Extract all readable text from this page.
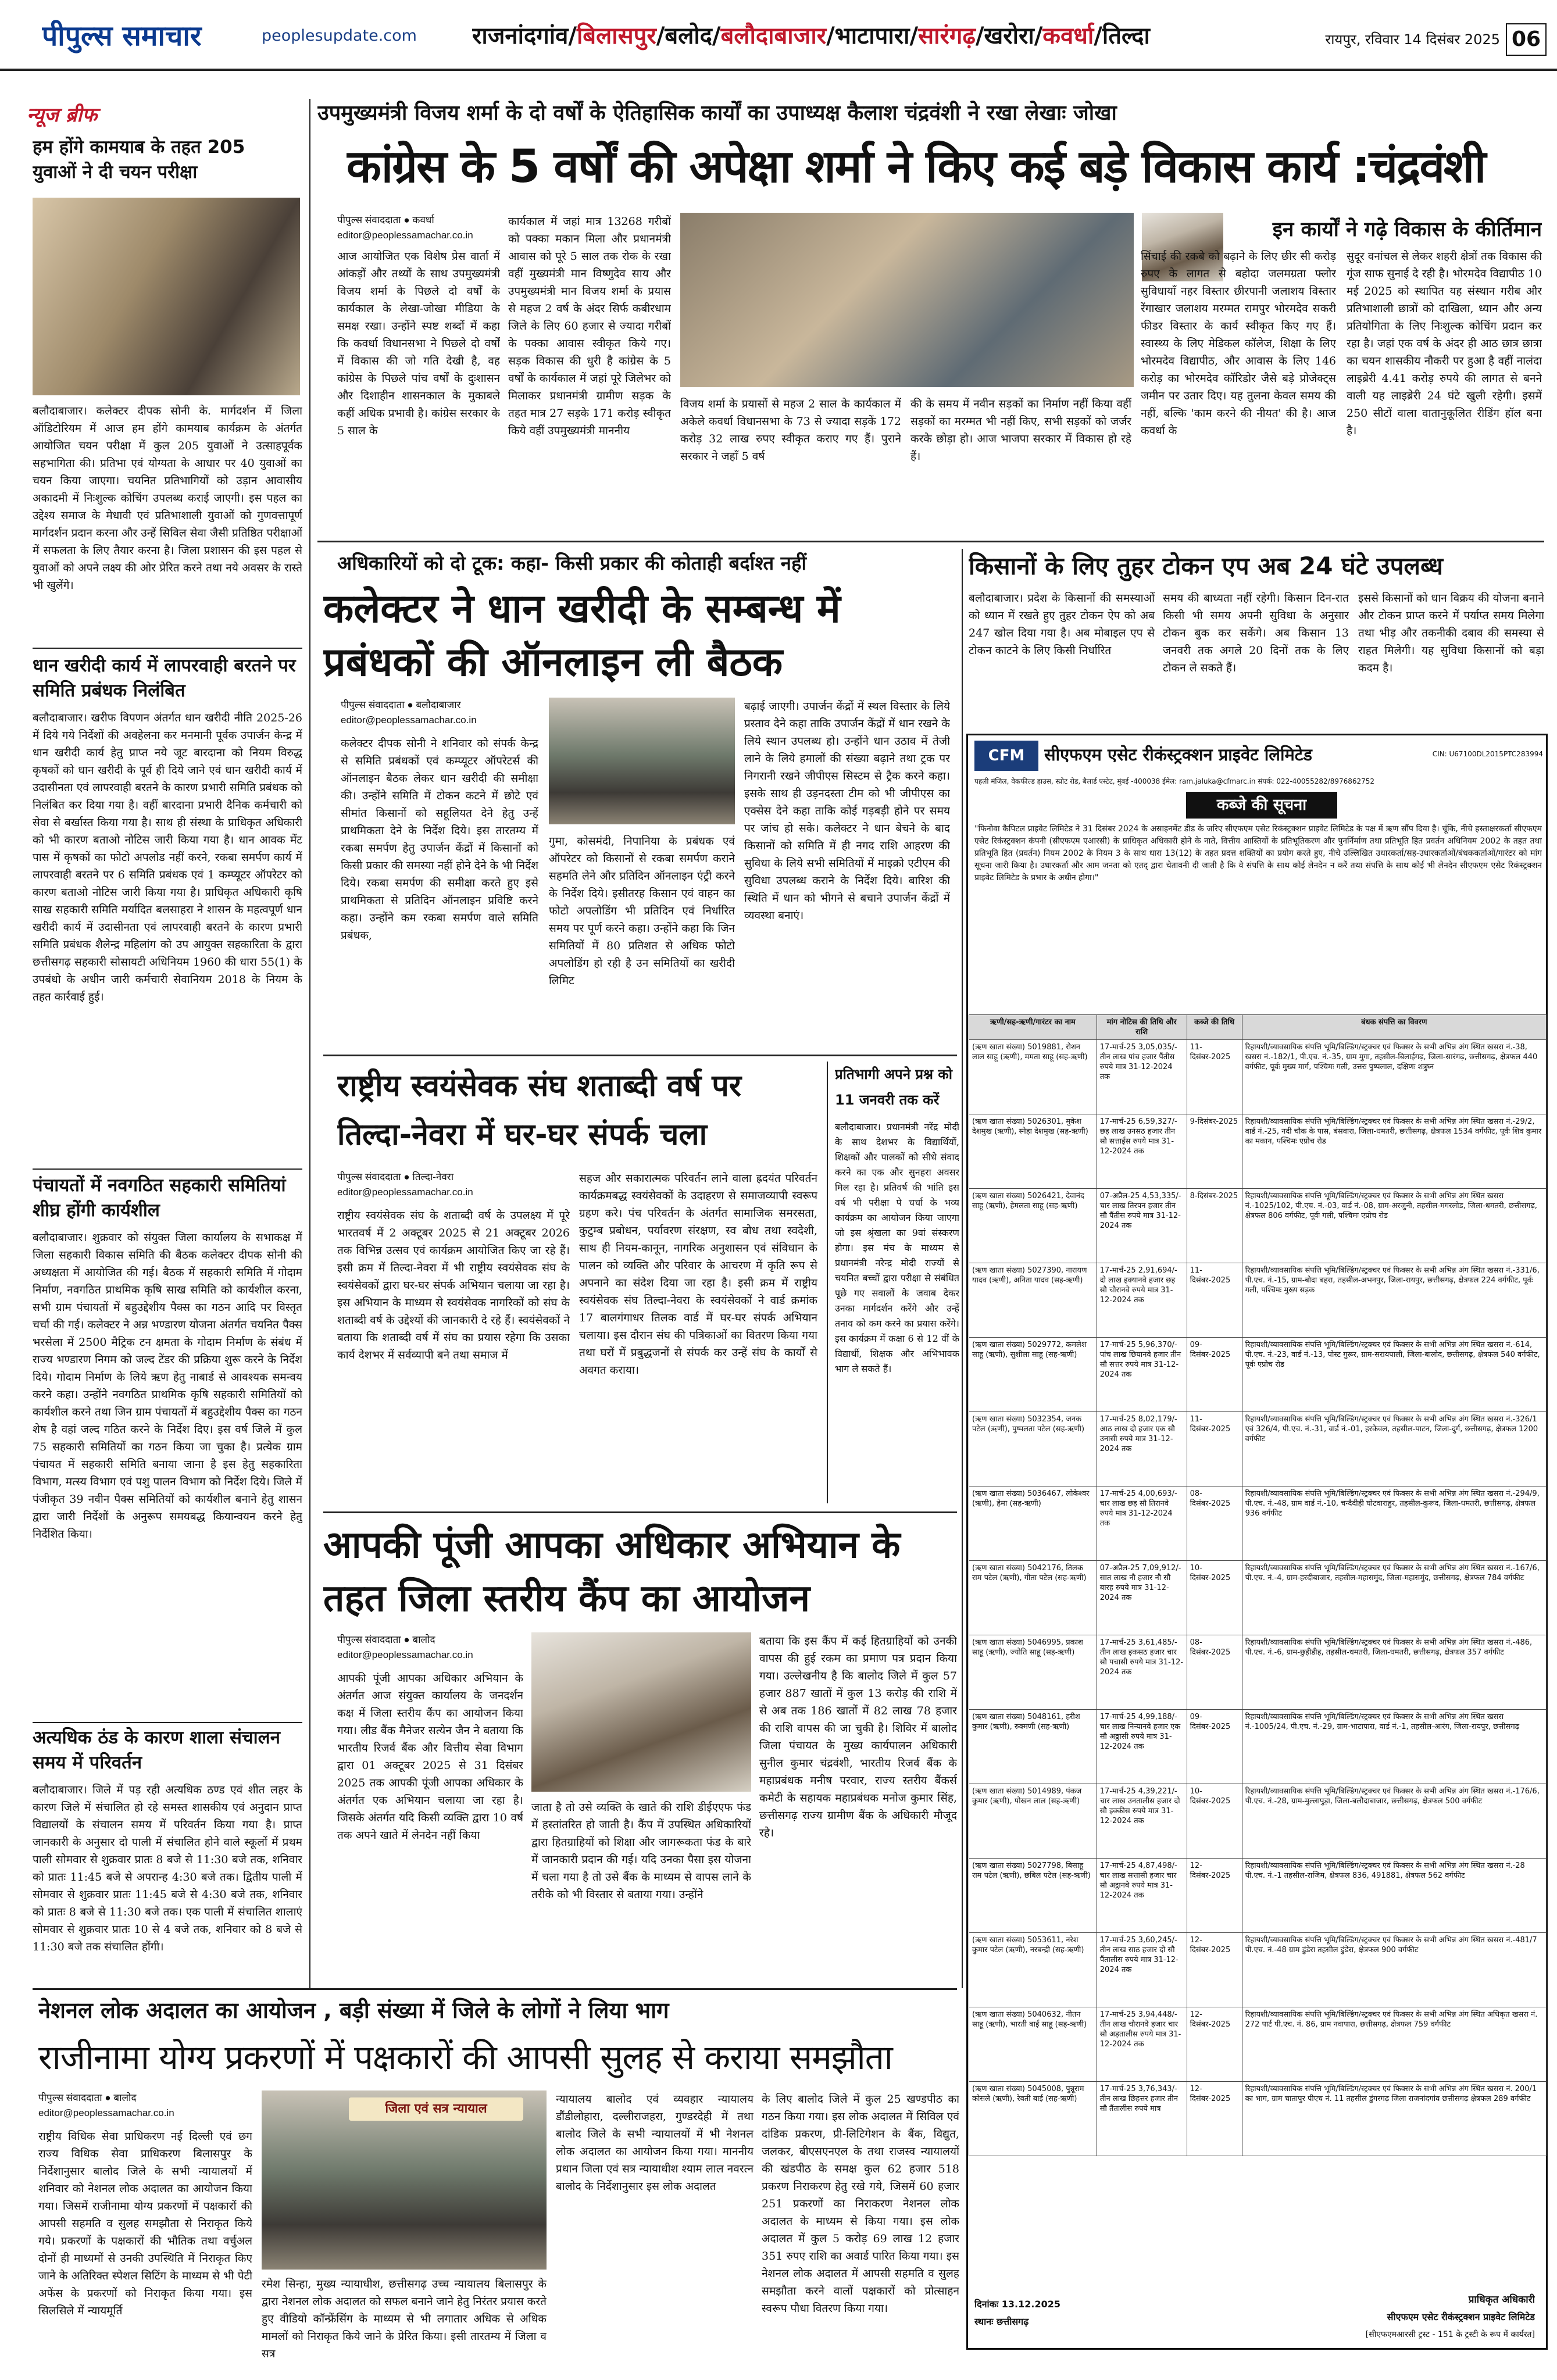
पीपुल्स समाचार	peoplesupdate.com	राजनांदगांव/बिलासपुर/बलोद/बलौदाबाजार/भाटापारा/सारंगढ़/खरोरा/कवर्धा/तिल्दा	रायपुर, रविवार 14 दिसंबर 2025 06
न्यूज ब्रीफ
हम होंगे कामयाब के तहत 205 युवाओं ने दी चयन परीक्षा
बलौदाबाजार। कलेक्टर दीपक सोनी के. मार्गदर्शन में जिला ऑडिटोरियम में आज हम होंगे कामयाब कार्यक्रम के अंतर्गत आयोजित चयन परीक्षा में कुल 205 युवाओं ने उत्साहपूर्वक सहभागिता की। प्रतिभा एवं योग्यता के आधार पर 40 युवाओं का चयन किया जाएगा। चयनित प्रतिभागियों को उड़ान आवासीय अकादमी में निःशुल्क कोचिंग उपलब्ध कराई जाएगी। इस पहल का उद्देश्य समाज के मेधावी एवं प्रतिभाशाली युवाओं को गुणवत्तापूर्ण मार्गदर्शन प्रदान करना और उन्हें सिविल सेवा जैसी प्रतिष्ठित परीक्षाओं में सफलता के लिए तैयार करना है। जिला प्रशासन की इस पहल से युवाओं को अपने लक्ष्य की ओर प्रेरित करने तथा नये अवसर के रास्ते भी खुलेंगे।
धान खरीदी कार्य में लापरवाही बरतने पर समिति प्रबंधक निलंबित
बलौदाबाजार। खरीफ विपणन अंतर्गत धान खरीदी नीति 2025-26 में दिये गये निर्देशों की अवहेलना कर मनमानी पूर्वक उपार्जन केन्द्र में धान खरीदी कार्य हेतु प्राप्त नये जूट बारदाना को नियम विरुद्ध कृषकों को धान खरीदी के पूर्व ही दिये जाने एवं धान खरीदी कार्य में उदासीनता एवं लापरवाही बरतने के कारण प्रभारी समिति प्रबंधक को निलंबित कर दिया गया है। वहीं बारदाना प्रभारी दैनिक कर्मचारी को सेवा से बर्खास्त किया गया है। साथ ही संस्था के प्राधिकृत अधिकारी को भी कारण बताओ नोटिस जारी किया गया है। धान आवक मेंट पास में कृषकों का फोटो अपलोड नहीं करने, रकबा समर्पण कार्य में लापरवाही बरतने पर 6 समिति प्रबंधक एवं 1 कम्प्यूटर ऑपरेटर को कारण बताओ नोटिस जारी किया गया है। प्राधिकृत अधिकारी कृषि साख सहकारी समिति मर्यादित बलसाहरा ने शासन के महत्वपूर्ण धान खरीदी कार्य में उदासीनता एवं लापरवाही बरतने के कारण प्रभारी समिति प्रबंधक शैलेन्द्र महिलांग को उप आयुक्त सहकारिता के द्वारा छत्तीसगढ़ सहकारी सोसायटी अधिनियम 1960 की धारा 55(1) के उपबंधो के अधीन जारी कर्मचारी सेवानियम 2018 के नियम के तहत कार्रवाई हुई।
पंचायतों में नवगठित सहकारी समितियां शीघ्र होंगी कार्यशील
बलौदाबाजार। शुक्रवार को संयुक्त जिला कार्यालय के सभाकक्ष में जिला सहकारी विकास समिति की बैठक कलेक्टर दीपक सोनी की अध्यक्षता में आयोजित की गई। बैठक में सहकारी समिति में गोदाम निर्माण, नवगठित प्राथमिक कृषि साख समिति को कार्यशील करना, सभी ग्राम पंचायतों में बहुउद्देशीय पैक्स का गठन आदि पर विस्तृत चर्चा की गई। कलेक्टर ने अन्न भण्डारण योजना अंतर्गत चयनित पैक्स भरसेला में 2500 मैट्रिक टन क्षमता के गोदाम निर्माण के संबंध में राज्य भण्डारण निगम को जल्द टेंडर की प्रक्रिया शुरू करने के निर्देश दिये। गोदाम निर्माण के लिये ऋण हेतु नाबार्ड से आवश्यक समन्वय करने कहा। उन्होंने नवगठित प्राथमिक कृषि सहकारी समितियों को कार्यशील करने तथा जिन ग्राम पंचायतों में बहुउद्देशीय पैक्स का गठन शेष है वहां जल्द गठित करने के निर्देश दिए। इस वर्ष जिले में कुल 75 सहकारी समितियों का गठन किया जा चुका है। प्रत्येक ग्राम पंचायत में सहकारी समिति बनाया जाना है इस हेतु सहकारिता विभाग, मत्स्य विभाग एवं पशु पालन विभाग को निर्देश दिये। जिले में पंजीकृत 39 नवीन पैक्स समितियों को कार्यशील बनाने हेतु शासन द्वारा जारी निर्देशों के अनुरूप समयबद्ध कियान्वयन करने हेतु निर्देशित किया।
अत्यधिक ठंड के कारण शाला संचालन समय में परिवर्तन
बलौदाबाजार। जिले में पड़ रही अत्यधिक ठण्ड एवं शीत लहर के कारण जिले में संचालित हो रहे समस्त शासकीय एवं अनुदान प्राप्त विद्यालयों के संचालन समय में परिवर्तन किया गया है। प्राप्त जानकारी के अनुसार दो पाली में संचालित होने वाले स्कूलों में प्रथम पाली सोमवार से शुक्रवार प्रातः 8 बजे से 11:30 बजे तक, शनिवार को प्रातः 11:45 बजे से अपरान्ह 4:30 बजे तक। द्वितीय पाली में सोमवार से शुक्रवार प्रातः 11:45 बजे से 4:30 बजे तक, शनिवार को प्रातः 8 बजे से 11:30 बजे तक। एक पाली में संचालित शालाएं सोमवार से शुक्रवार प्रातः 10 से 4 बजे तक, शनिवार को 8 बजे से 11:30 बजे तक संचालित होंगी।
उपमुख्यमंत्री विजय शर्मा के दो वर्षों के ऐतिहासिक कार्यों का उपाध्यक्ष कैलाश चंद्रवंशी ने रखा लेखाः जोखा
कांग्रेस के 5 वर्षों की अपेक्षा शर्मा ने किए कई बड़े विकास कार्य :चंद्रवंशी
पीपुल्स संवाददाता ● कवर्धा
editor@peoplessamachar.co.in
आज आयोजित एक विशेष प्रेस वार्ता में आंकड़ों और तथ्यों के साथ उपमुख्यमंत्री विजय शर्मा के पिछले दो वर्षों के कार्यकाल के लेखा-जोखा मीडिया के समक्ष रखा। उन्होंने स्पष्ट शब्दों में कहा कि कवर्धा विधानसभा ने पिछले दो वर्षों में विकास की जो गति देखी है, वह कांग्रेस के पिछले पांच वर्षों के दुःशासन और दिशाहीन शासनकाल के मुकाबले कहीं अधिक प्रभावी है। कांग्रेस सरकार के 5 साल के
कार्यकाल में जहां मात्र 13268 गरीबों को पक्का मकान मिला और प्रधानमंत्री आवास को पूरे 5 साल तक रोक के रखा वहीं मुख्यमंत्री मान विष्णुदेव साय और उपमुख्यमंत्री मान विजय शर्मा के प्रयास से महज 2 वर्ष के अंदर सिर्फ कबीरधाम जिले के लिए 60 हजार से ज्यादा गरीबों के पक्का आवास स्वीकृत किये गए। सड़क विकास की धुरी है कांग्रेस के 5 वर्षों के कार्यकाल में जहां पूरे जिलेभर को मिलाकर प्रधानमंत्री ग्रामीण सड़क के तहत मात्र 27 सड़के 171 करोड़ स्वीकृत किये वहीं उपमुख्यमंत्री माननीय
विजय शर्मा के प्रयासों से महज 2 साल के कार्यकाल में अकेले कवर्धा विधानसभा के 73 से ज्यादा सड़कें 172 करोड़ 32 लाख रुपए स्वीकृत कराए गए हैं। पुराने सरकार ने जहाँ 5 वर्ष
की के समय में नवीन सड़कों का निर्माण नहीं किया वहीं सड़कों का मरम्मत भी नहीं किए, सभी सड़कों को जर्जर करके छोड़ा हो। आज भाजपा सरकार में विकास हो रहे हैं।
इन कार्यों ने गढ़े विकास के कीर्तिमान
सिंचाई की रकबे को बढ़ाने के लिए छीर सी करोड़ रुपए के लागत से बहोदा जलमग्रता फ्लोर सुविधायाँ नहर विस्तार छीरपानी जलाशय विस्तार रेंगाखार जलाशय मरम्मत रामपुर भोरमदेव सकरी फीडर विस्तार के कार्य स्वीकृत किए गए हैं। स्वास्थ्य के लिए मेडिकल कॉलेज, शिक्षा के लिए भोरमदेव विद्यापीठ, और आवास के लिए 146 करोड़ का भोरमदेव कॉरिडोर जैसे बड़े प्रोजेक्ट्स जमीन पर उतार दिए। यह तुलना केवल समय की नहीं, बल्कि 'काम करने की नीयत' की है। आज कवर्धा के
सुदूर वनांचल से लेकर शहरी क्षेत्रों तक विकास की गूंज साफ सुनाई दे रही है। भोरमदेव विद्यापीठ 10 मई 2025 को स्थापित यह संस्थान गरीब और प्रतिभाशाली छात्रों को दाखिला, ध्यान और अन्य प्रतियोगिता के लिए निःशुल्क कोचिंग प्रदान कर रहा है। जहां एक वर्ष के अंदर ही आठ छात्र छात्रा का चयन शासकीय नौकरी पर हुआ है वहीं नालंदा लाइब्रेरी 4.41 करोड़ रुपये की लागत से बनने वाली यह लाइब्रेरी 24 घंटे खुली रहेगी। इसमें 250 सीटों वाला वातानुकूलित रीडिंग हॉल बना है।
अधिकारियों को दो टूक: कहा- किसी प्रकार की कोताही बर्दाश्त नहीं
कलेक्टर ने धान खरीदी के सम्बन्ध में प्रबंधकों की ऑनलाइन ली बैठक
पीपुल्स संवाददाता ● बलौदाबाजार
editor@peoplessamachar.co.in
कलेक्टर दीपक सोनी ने शनिवार को संपर्क केन्द्र से समिति प्रबंधकों एवं कम्प्यूटर ऑपरेटर्स की ऑनलाइन बैठक लेकर धान खरीदी की समीक्षा की। उन्होंने समिति में टोकन कटने में छोटे एवं सीमांत किसानों को सहूलियत देने हेतु उन्हें प्राथमिकता देने के निर्देश दिये। इस तारतम्य में रकबा समर्पण हेतु उपार्जन केंद्रों में किसानों को किसी प्रकार की समस्या नहीं होने देने के भी निर्देश दिये। रकबा समर्पण की समीक्षा करते हुए इसे प्राथमिकता से प्रतिदिन ऑनलाइन प्रविष्टि करने कहा। उन्होंने कम रकबा समर्पण वाले समिति प्रबंधक,
गुमा, कोसमंदी, निपानिया के प्रबंधक एवं ऑपरेटर को किसानों से रकबा समर्पण कराने सहमति लेने और प्रतिदिन ऑनलाइन एंट्री करने के निर्देश दिये। इसीतरह किसान एवं वाहन का फोटो अपलोडिंग भी प्रतिदिन एवं निर्धारित समय पर पूर्ण करने कहा। उन्होंने कहा कि जिन समितियों में 80 प्रतिशत से अधिक फोटो अपलोडिंग हो रही है उन समितियों का खरीदी लिमिट
बढ़ाई जाएगी। उपार्जन केंद्रों में स्थल विस्तार के लिये प्रस्ताव देने कहा ताकि उपार्जन केंद्रों में धान रखने के लिये स्थान उपलब्ध हो। उन्होंने धान उठाव में तेजी लाने के लिये हमालों की संख्या बढ़ाने तथा ट्रक पर निगरानी रखने जीपीएस सिस्टम से ट्रैक करने कहा। इसके साथ ही उड़नदस्ता टीम को भी जीपीएस का एक्सेस देने कहा ताकि कोई गड़बड़ी होने पर समय पर जांच हो सके। कलेक्टर ने धान बेचने के बाद किसानों को समिति में ही नगद राशि आहरण की सुविधा के लिये सभी समितियों में माइक्रो एटीएम की सुविधा उपलब्ध कराने के निर्देश दिये। बारिश की स्थिति में धान को भीगने से बचाने उपार्जन केंद्रों में व्यवस्था बनाएं।
किसानों के लिए तुहर टोकन एप अब 24 घंटे उपलब्ध
बलौदाबाजार। प्रदेश के किसानों की समस्याओं को ध्यान में रखते हुए तुहर टोकन ऐप को अब 247 खोल दिया गया है। अब मोबाइल एप से टोकन काटने के लिए किसी निर्धारित
समय की बाध्यता नहीं रहेगी। किसान दिन-रात किसी भी समय अपनी सुविधा के अनुसार टोकन बुक कर सकेंगे। अब किसान 13 जनवरी तक अगले 20 दिनों तक के लिए टोकन ले सकते हैं।
इससे किसानों को धान विक्रय की योजना बनाने और टोकन प्राप्त करने में पर्याप्त समय मिलेगा तथा भीड़ और तकनीकी दबाव की समस्या से राहत मिलेगी। यह सुविधा किसानों को बड़ा कदम है।
CFM	सीएफएम एसेट रीकंस्ट्रक्शन प्राइवेट लिमिटेड	CIN: U67100DL2015PTC283994
पहली मंजिल, वेकफील्ड हाउस, स्प्रोट रोड, बैलार्ड एस्टेट, मुंबई -400038 ईमेल: ram.jaluka@cfmarc.in संपर्क: 022-40055282/8976862752
कब्जे की सूचना
"फिनोवा कैपिटल प्राइवेट लिमिटेड ने 31 दिसंबर 2024 के असाइनमेंट डीड के जरिए सीएफएम एसेट रिकंस्ट्रक्शन प्राइवेट लिमिटेड के पक्ष में ऋण सौंप दिया है। चूंकि, नीचे हस्ताक्षरकर्ता सीएफएम एसेट रिकंस्ट्रक्शन कंपनी (सीएफएम एआरसी) के प्राधिकृत अधिकारी होने के नाते, वित्तीय आस्तियों के प्रतिभूतिकरण और पुनर्निर्माण तथा प्रतिभूति हित प्रवर्तन अधिनियम 2002 के तहत तथा प्रतिभूति हित (प्रवर्तन) नियम 2002 के नियम 3 के साथ धारा 13(12) के तहत प्रदत्त शक्तियों का प्रयोग करते हुए, नीचे उल्लिखित उधारकर्ता/सह-उधारकर्ताओं/बंधककर्ताओं/गारंटर को मांग सूचना जारी किया है। उधारकर्ता और आम जनता को एतद् द्वारा चेतावनी दी जाती है कि वे संपत्ति के साथ कोई लेनदेन न करें तथा संपत्ति के साथ कोई भी लेनदेन सीएफएम एसेट रिकंस्ट्रक्शन प्राइवेट लिमिटेड के प्रभार के अधीन होगा।"
ऋणी/सह-ऋणी/गारंटर का नाम	मांग नोटिस की तिथि और राशि	कब्जे की तिथि	बंधक संपत्ति का विवरण
(ऋण खाता संख्या) 5019881, रोशन लाल साहू (ऋणी), ममता साहू (सह-ऋणी)	17-मार्च-25 3,05,035/- तीन लाख पांच हजार पैंतीस रुपये मात्र 31-12-2024 तक	11-दिसंबर-2025	रिहायशी/व्यावसायिक संपत्ति भूमि/बिल्डिंग/स्ट्रक्चर एवं फिक्सर के सभी अभिन्न अंग स्थित खसरा नं.-38, खसरा नं.-182/1, पी.एच. नं.-35, ग्राम मुगा, तहसील-बिलाईगढ़, जिला-सारंगढ़, छत्तीसगढ़, क्षेत्रफल 440 वर्गफीट, पूर्वः मुख्य मार्ग, पश्चिमः गली, उत्तरः पुष्पलाल, दक्षिणः शत्रुघ्न
(ऋण खाता संख्या) 5026301, मुकेश देशमुख (ऋणी), स्नेहा देशमुख (सह-ऋणी)	17-मार्च-25 6,59,327/- छह लाख उनसठ हजार तीन सौ सत्ताईस रुपये मात्र 31-12-2024 तक	9-दिसंबर-2025	रिहायशी/व्यावसायिक संपत्ति भूमि/बिल्डिंग/स्ट्रक्चर एवं फिक्सर के सभी अभिन्न अंग स्थित खसरा नं.-29/2, वार्ड नं.-25, नदी चौक के पास, बंसवारा, जिला-धमतरी, छत्तीसगढ़, क्षेत्रफल 1534 वर्गफीट, पूर्वः शिव कुमार का मकान, पश्चिमः एप्रोच रोड
(ऋण खाता संख्या) 5026421, देवानंद साहू (ऋणी), हेमलता साहू (सह-ऋणी)	07-अप्रैल-25 4,53,335/- चार लाख तिरपन हजार तीन सौ पैंतीस रुपये मात्र 31-12-2024 तक	8-दिसंबर-2025	रिहायशी/व्यावसायिक संपत्ति भूमि/बिल्डिंग/स्ट्रक्चर एवं फिक्सर के सभी अभिन्न अंग स्थित खसरा नं.-1025/102, पी.एच. नं.-03, वार्ड नं.-08, ग्राम-अरजुनी, तहसील-मगरलोड, जिला-धमतरी, छत्तीसगढ़, क्षेत्रफल 806 वर्गफीट, पूर्वः गली, पश्चिमः एप्रोच रोड
(ऋण खाता संख्या) 5027390, नारायण यादव (ऋणी), अनिता यादव (सह-ऋणी)	17-मार्च-25 2,91,694/- दो लाख इक्यानवे हजार छह सौ चौरानवे रुपये मात्र 31-12-2024 तक	11-दिसंबर-2025	रिहायशी/व्यावसायिक संपत्ति भूमि/बिल्डिंग/स्ट्रक्चर एवं फिक्सर के सभी अभिन्न अंग स्थित खसरा नं.-331/6, पी.एच. नं.-15, ग्राम-बोदा बहरा, तहसील-अभनपुर, जिला-रायपुर, छत्तीसगढ़, क्षेत्रफल 224 वर्गफीट, पूर्वः गली, पश्चिमः मुख्य सड़क
(ऋण खाता संख्या) 5029772, कमलेश साहू (ऋणी), सुशीला साहू (सह-ऋणी)	17-मार्च-25 5,96,370/- पांच लाख छियानवे हजार तीन सौ सत्तर रुपये मात्र 31-12-2024 तक	09-दिसंबर-2025	रिहायशी/व्यावसायिक संपत्ति भूमि/बिल्डिंग/स्ट्रक्चर एवं फिक्सर के सभी अभिन्न अंग स्थित खसरा नं.-614, पी.एच. नं.-23, वार्ड नं.-13, पोस्ट गुरूर, ग्राम-सरायपाली, जिला-बालोद, छत्तीसगढ़, क्षेत्रफल 540 वर्गफीट, पूर्वः एप्रोच रोड
(ऋण खाता संख्या) 5032354, जनक पटेल (ऋणी), पुष्पलता पटेल (सह-ऋणी)	17-मार्च-25 8,02,179/- आठ लाख दो हजार एक सौ उनासी रुपये मात्र 31-12-2024 तक	11-दिसंबर-2025	रिहायशी/व्यावसायिक संपत्ति भूमि/बिल्डिंग/स्ट्रक्चर एवं फिक्सर के सभी अभिन्न अंग स्थित खसरा नं.-326/1 एवं 326/4, पी.एच. नं.-31, वार्ड नं.-01, हरकेवल, तहसील-पाटन, जिला-दुर्ग, छत्तीसगढ़, क्षेत्रफल 1200 वर्गफीट
(ऋण खाता संख्या) 5036467, लोकेश्वर (ऋणी), हेमा (सह-ऋणी)	17-मार्च-25 4,00,693/- चार लाख छह सौ तिरानवे रुपये मात्र 31-12-2024 तक	08-दिसंबर-2025	रिहायशी/व्यावसायिक संपत्ति भूमि/बिल्डिंग/स्ट्रक्चर एवं फिक्सर के सभी अभिन्न अंग स्थित खसरा नं.-294/9, पी.एच. नं.-48, ग्राम वार्ड नं.-10, चन्दैदीही घोटवाराहुर, तहसील-कुरूद, जिला-धमतरी, छत्तीसगढ़, क्षेत्रफल 936 वर्गफीट
(ऋण खाता संख्या) 5042176, तिलक राम पटेल (ऋणी), गीता पटेल (सह-ऋणी)	07-अप्रैल-25 7,09,912/- सात लाख नौ हजार नौ सौ बारह रुपये मात्र 31-12-2024 तक	10-दिसंबर-2025	रिहायशी/व्यावसायिक संपत्ति भूमि/बिल्डिंग/स्ट्रक्चर एवं फिक्सर के सभी अभिन्न अंग स्थित खसरा नं.-167/6, पी.एच. नं.-4, ग्राम-हरदीबाजार, तहसील-महासमुंद, जिला-महासमुंद, छत्तीसगढ़, क्षेत्रफल 784 वर्गफीट
(ऋण खाता संख्या) 5046995, प्रकाश साहू (ऋणी), ज्योति साहू (सह-ऋणी)	17-मार्च-25 3,61,485/- तीन लाख इकसठ हजार चार सौ पचासी रुपये मात्र 31-12-2024 तक	08-दिसंबर-2025	रिहायशी/व्यावसायिक संपत्ति भूमि/बिल्डिंग/स्ट्रक्चर एवं फिक्सर के सभी अभिन्न अंग स्थित खसरा नं.-486, पी.एच. नं.-6, ग्राम-छुहीडीह, तहसील-धमतरी, जिला-धमतरी, छत्तीसगढ़, क्षेत्रफल 357 वर्गफीट
(ऋण खाता संख्या) 5048161, हरीश कुमार (ऋणी), रुक्मणी (सह-ऋणी)	17-मार्च-25 4,99,188/- चार लाख निन्यानवे हजार एक सौ अठ्ठासी रुपये मात्र 31-12-2024 तक	09-दिसंबर-2025	रिहायशी/व्यावसायिक संपत्ति भूमि/बिल्डिंग/स्ट्रक्चर एवं फिक्सर के सभी अभिन्न अंग स्थित खसरा नं.-1005/24, पी.एच. नं.-29, ग्राम-भाटापारा, वार्ड नं.-1, तहसील-आरंग, जिला-रायपुर, छत्तीसगढ़
(ऋण खाता संख्या) 5014989, पंकज कुमार (ऋणी), पोखन लाल (सह-ऋणी)	17-मार्च-25 4,39,221/- चार लाख उनतालीस हजार दो सौ इक्कीस रुपये मात्र 31-12-2024 तक	10-दिसंबर-2025	रिहायशी/व्यावसायिक संपत्ति भूमि/बिल्डिंग/स्ट्रक्चर एवं फिक्सर के सभी अभिन्न अंग स्थित खसरा नं.-176/6, पी.एच. नं.-28, ग्राम-मुल्लापुड़ा, जिला-बलौदाबाजार, छत्तीसगढ़, क्षेत्रफल 500 वर्गफीट
(ऋण खाता संख्या) 5027798, बिसाहू राम पटेल (ऋणी), छबिल पटेल (सह-ऋणी)	17-मार्च-25 4,87,498/- चार लाख सत्तासी हजार चार सौ अट्ठानबे रुपये मात्र 31-12-2024 तक	12-दिसंबर-2025	रिहायशी/व्यावसायिक संपत्ति भूमि/बिल्डिंग/स्ट्रक्चर एवं फिक्सर के सभी अभिन्न अंग स्थित खसरा नं.-28 पी.एच. नं.-1 तहसील-राजिम, क्षेत्रफल 836, 491881, क्षेत्रफल 562 वर्गफीट
(ऋण खाता संख्या) 5053611, नरेश कुमार पटेल (ऋणी), नरबन्द्री (सह-ऋणी)	17-मार्च-25 3,60,245/- तीन लाख साठ हजार दो सौ पैंतालीस रुपये मात्र 31-12-2024 तक	12-दिसंबर-2025	रिहायशी/व्यावसायिक संपत्ति भूमि/बिल्डिंग/स्ट्रक्चर एवं फिक्सर के सभी अभिन्न अंग स्थित खसरा नं.-481/7 पी.एच. नं.-48 ग्राम डुंडेरा तहसील डुंडेरा, क्षेत्रफल 900 वर्गफीट
(ऋण खाता संख्या) 5040632, नीतन साहू (ऋणी), भारती बाई साहू (सह-ऋणी)	17-मार्च-25 3,94,448/- तीन लाख चौरानवे हजार चार सौ अड़तालीस रुपये मात्र 31-12-2024 तक	12-दिसंबर-2025	रिहायशी/व्यावसायिक संपत्ति भूमि/बिल्डिंग/स्ट्रक्चर एवं फिक्सर के सभी अभिन्न अंग स्थित अधिकृत खसरा नं. 272 पार्ट पी.एच. नं. 86, ग्राम नवापारा, छत्तीसगढ़, क्षेत्रफल 759 वर्गफीट
(ऋण खाता संख्या) 5045008, पुन्नूराम कोसले (ऋणी), रेवती बाई (सह-ऋणी)	17-मार्च-25 3,76,343/- तीन लाख छिहत्तर हजार तीन सौ तैंतालीस रुपये मात्र	12-दिसंबर-2025	रिहायशी/व्यावसायिक संपत्ति भूमि/बिल्डिंग/स्ट्रक्चर एवं फिक्सर के सभी अभिन्न अंग स्थित खसरा नं. 200/1 का भाग, ग्राम चातापुर पीएच नं. 11 तहसील डुंगरगढ़ जिला राजनांदगांव छत्तीसगढ़ क्षेत्रफल 289 वर्गफीट
दिनांकः 13.12.2025
स्थानः छत्तीसगढ़
प्राधिकृत अधिकारी
सीएफएम एसेट रीकंस्ट्रक्शन प्राइवेट लिमिटेड
[सीएफएमआरसी ट्रस्ट - 151 के ट्रस्टी के रूप में कार्यरत]
राष्ट्रीय स्वयंसेवक संघ शताब्दी वर्ष पर तिल्दा-नेवरा में घर-घर संपर्क चला
पीपुल्स संवाददाता ● तिल्दा-नेवरा
editor@peoplessamachar.co.in
राष्ट्रीय स्वयंसेवक संघ के शताब्दी वर्ष के उपलक्ष्य में पूरे भारतवर्ष में 2 अक्टूबर 2025 से 21 अक्टूबर 2026 तक विभिन्न उत्सव एवं कार्यक्रम आयोजित किए जा रहे हैं। इसी क्रम में तिल्दा-नेवरा में भी राष्ट्रीय स्वयंसेवक संघ के स्वयंसेवकों द्वारा घर-घर संपर्क अभियान चलाया जा रहा है। इस अभियान के माध्यम से स्वयंसेवक नागरिकों को संघ के शताब्दी वर्ष के उद्देश्यों की जानकारी दे रहे हैं। स्वयंसेवकों ने बताया कि शताब्दी वर्ष में संघ का प्रयास रहेगा कि उसका कार्य देशभर में सर्वव्यापी बने तथा समाज में
सहज और सकारात्मक परिवर्तन लाने वाला ह्रदयंत परिवर्तन कार्यक्रमबद्ध स्वयंसेवकों के उदाहरण से समाजव्यापी स्वरूप ग्रहण करे। पंच परिवर्तन के अंतर्गत सामाजिक समरसता, कुटुम्ब प्रबोधन, पर्यावरण संरक्षण, स्व बोध तथा स्वदेशी, साथ ही नियम-कानून, नागरिक अनुशासन एवं संविधान के पालन को व्यक्ति और परिवार के आचरण में कृति रूप से अपनाने का संदेश दिया जा रहा है। इसी क्रम में राष्ट्रीय स्वयंसेवक संघ तिल्दा-नेवरा के स्वयंसेवकों ने वार्ड क्रमांक 17 बालगंगाधर तिलक वार्ड में घर-घर संपर्क अभियान चलाया। इस दौरान संघ की पत्रिकाओं का वितरण किया गया तथा घरों में प्रबुद्धजनों से संपर्क कर उन्हें संघ के कार्यों से अवगत कराया।
प्रतिभागी अपने प्रश्न को 11 जनवरी तक करें
बलौदाबाजार। प्रधानमंत्री नरेंद्र मोदी के साथ देशभर के विद्यार्थियों, शिक्षकों और पालकों को सीधे संवाद करने का एक और सुनहरा अवसर मिल रहा है। प्रतिवर्ष की भांति इस वर्ष भी परीक्षा पे चर्चा के भव्य कार्यक्रम का आयोजन किया जाएगा जो इस श्रृंखला का 9वां संस्करण होगा। इस मंच के माध्यम से प्रधानमंत्री नरेन्द्र मोदी राज्यों से चयनित बच्चों द्वारा परीक्षा से संबंधित पूछे गए सवालों के जवाब देकर उनका मार्गदर्शन करेंगे और उन्हें तनाव को कम करने का प्रयास करेंगे। इस कार्यक्रम में कक्षा 6 से 12 वीं के विद्यार्थी, शिक्षक और अभिभावक भाग ले सकते हैं।
आपकी पूंजी आपका अधिकार अभियान के तहत जिला स्तरीय कैंप का आयोजन
पीपुल्स संवाददाता ● बालोद
editor@peoplessamachar.co.in
आपकी पूंजी आपका अधिकार अभियान के अंतर्गत आज संयुक्त कार्यालय के जनदर्शन कक्ष में जिला स्तरीय कैंप का आयोजन किया गया। लीड बैंक मैनेजर सत्येन जैन ने बताया कि भारतीय रिजर्व बैंक और वित्तीय सेवा विभाग द्वारा 01 अक्टूबर 2025 से 31 दिसंबर 2025 तक आपकी पूंजी आपका अधिकार के अंतर्गत एक अभियान चलाया जा रहा है। जिसके अंतर्गत यदि किसी व्यक्ति द्वारा 10 वर्ष तक अपने खाते में लेनदेन नहीं किया
जाता है तो उसे व्यक्ति के खाते की राशि डीईएएफ फंड में हस्तांतरित हो जाती है। कैंप में उपस्थित अधिकारियों द्वारा हितग्राहियों को शिक्षा और जागरूकता फंड के बारे में जानकारी प्रदान की गई। यदि उनका पैसा इस योजना में चला गया है तो उसे बैंक के माध्यम से वापस लाने के तरीके को भी विस्तार से बताया गया। उन्होंने
बताया कि इस कैंप में कई हितग्राहियों को उनकी वापस की हुई रकम का प्रमाण पत्र प्रदान किया गया। उल्लेखनीय है कि बालोद जिले में कुल 57 हजार 887 खातों में कुल 13 करोड़ की राशि में से अब तक 186 खातों में 82 लाख 78 हजार की राशि वापस की जा चुकी है। शिविर में बालोद जिला पंचायत के मुख्य कार्यपालन अधिकारी सुनील कुमार चंद्रवंशी, भारतीय रिजर्व बैंक के महाप्रबंधक मनीष परवार, राज्य स्तरीय बैंकर्स कमेटी के सहायक महाप्रबंधक मनोज कुमार सिंह, छत्तीसगढ़ राज्य ग्रामीण बैंक के अधिकारी मौजूद रहे।
नेशनल लोक अदालत का आयोजन , बड़ी संख्या में जिले के लोगों ने लिया भाग
राजीनामा योग्य प्रकरणों में पक्षकारों की आपसी सुलह से कराया समझौता
पीपुल्स संवाददाता ● बालोद
editor@peoplessamachar.co.in
राष्ट्रीय विधिक सेवा प्राधिकरण नई दिल्ली एवं छग राज्य विधिक सेवा प्राधिकरण बिलासपुर के निर्देशानुसार बालोद जिले के सभी न्यायालयों में शनिवार को नेशनल लोक अदालत का आयोजन किया गया। जिसमें राजीनामा योग्य प्रकरणों में पक्षकारों की आपसी सहमति व सुलह समझौता से निराकृत किये गये। प्रकरणों के पक्षकारों की भौतिक तथा वर्चुअल दोनों ही माध्यमों से उनकी उपस्थिति में निराकृत किए जाने के अतिरिक्त स्पेशल सिटिंग के माध्यम से भी पेटी अफेंस के प्रकरणों को निराकृत किया गया। इस सिलसिले में न्यायमूर्ति
जिला एवं सत्र न्यायाल
रमेश सिन्हा, मुख्य न्यायाधीश, छत्तीसगढ़ उच्च न्यायालय बिलासपुर के द्वारा नेशनल लोक अदालत को सफल बनाने जाने हेतु निरंतर प्रयास करते हुए वीडियो कॉन्फ्रेंसिंग के माध्यम से भी लगातार अधिक से अधिक मामलों को निराकृत किये जाने के प्रेरित किया। इसी तारतम्य में जिला व सत्र
न्यायालय बालोद एवं व्यवहार न्यायालय डौंडीलोहारा, दल्लीराजहरा, गुण्डरदेही में तथा बालोद जिले के सभी न्यायालयों में भी नेशनल लोक अदालत का आयोजन किया गया। माननीय प्रधान जिला एवं सत्र न्यायाधीश श्याम लाल नवरत्न बालोद के निर्देशानुसार इस लोक अदालत
के लिए बालोद जिले में कुल 25 खण्डपीठ का गठन किया गया। इस लोक अदालत में सिविल एवं दांडिक प्रकरण, प्री-लिटिगेशन के बैंक, विद्युत, जलकर, बीएसएनएल के तथा राजस्व न्यायालयों की खंडपीठ के समक्ष कुल 62 हजार 518 प्रकरण निराकरण हेतु रखे गये, जिसमें 60 हजार 251 प्रकरणों का निराकरण नेशनल लोक अदालत के माध्यम से किया गया। इस लोक अदालत में कुल 5 करोड़ 69 लाख 12 हजार 351 रुपए राशि का अवार्ड पारित किया गया। इस नेशनल लोक अदालत में आपसी सहमति व सुलह समझौता करने वालों पक्षकारों को प्रोत्साहन स्वरूप पौधा वितरण किया गया।
